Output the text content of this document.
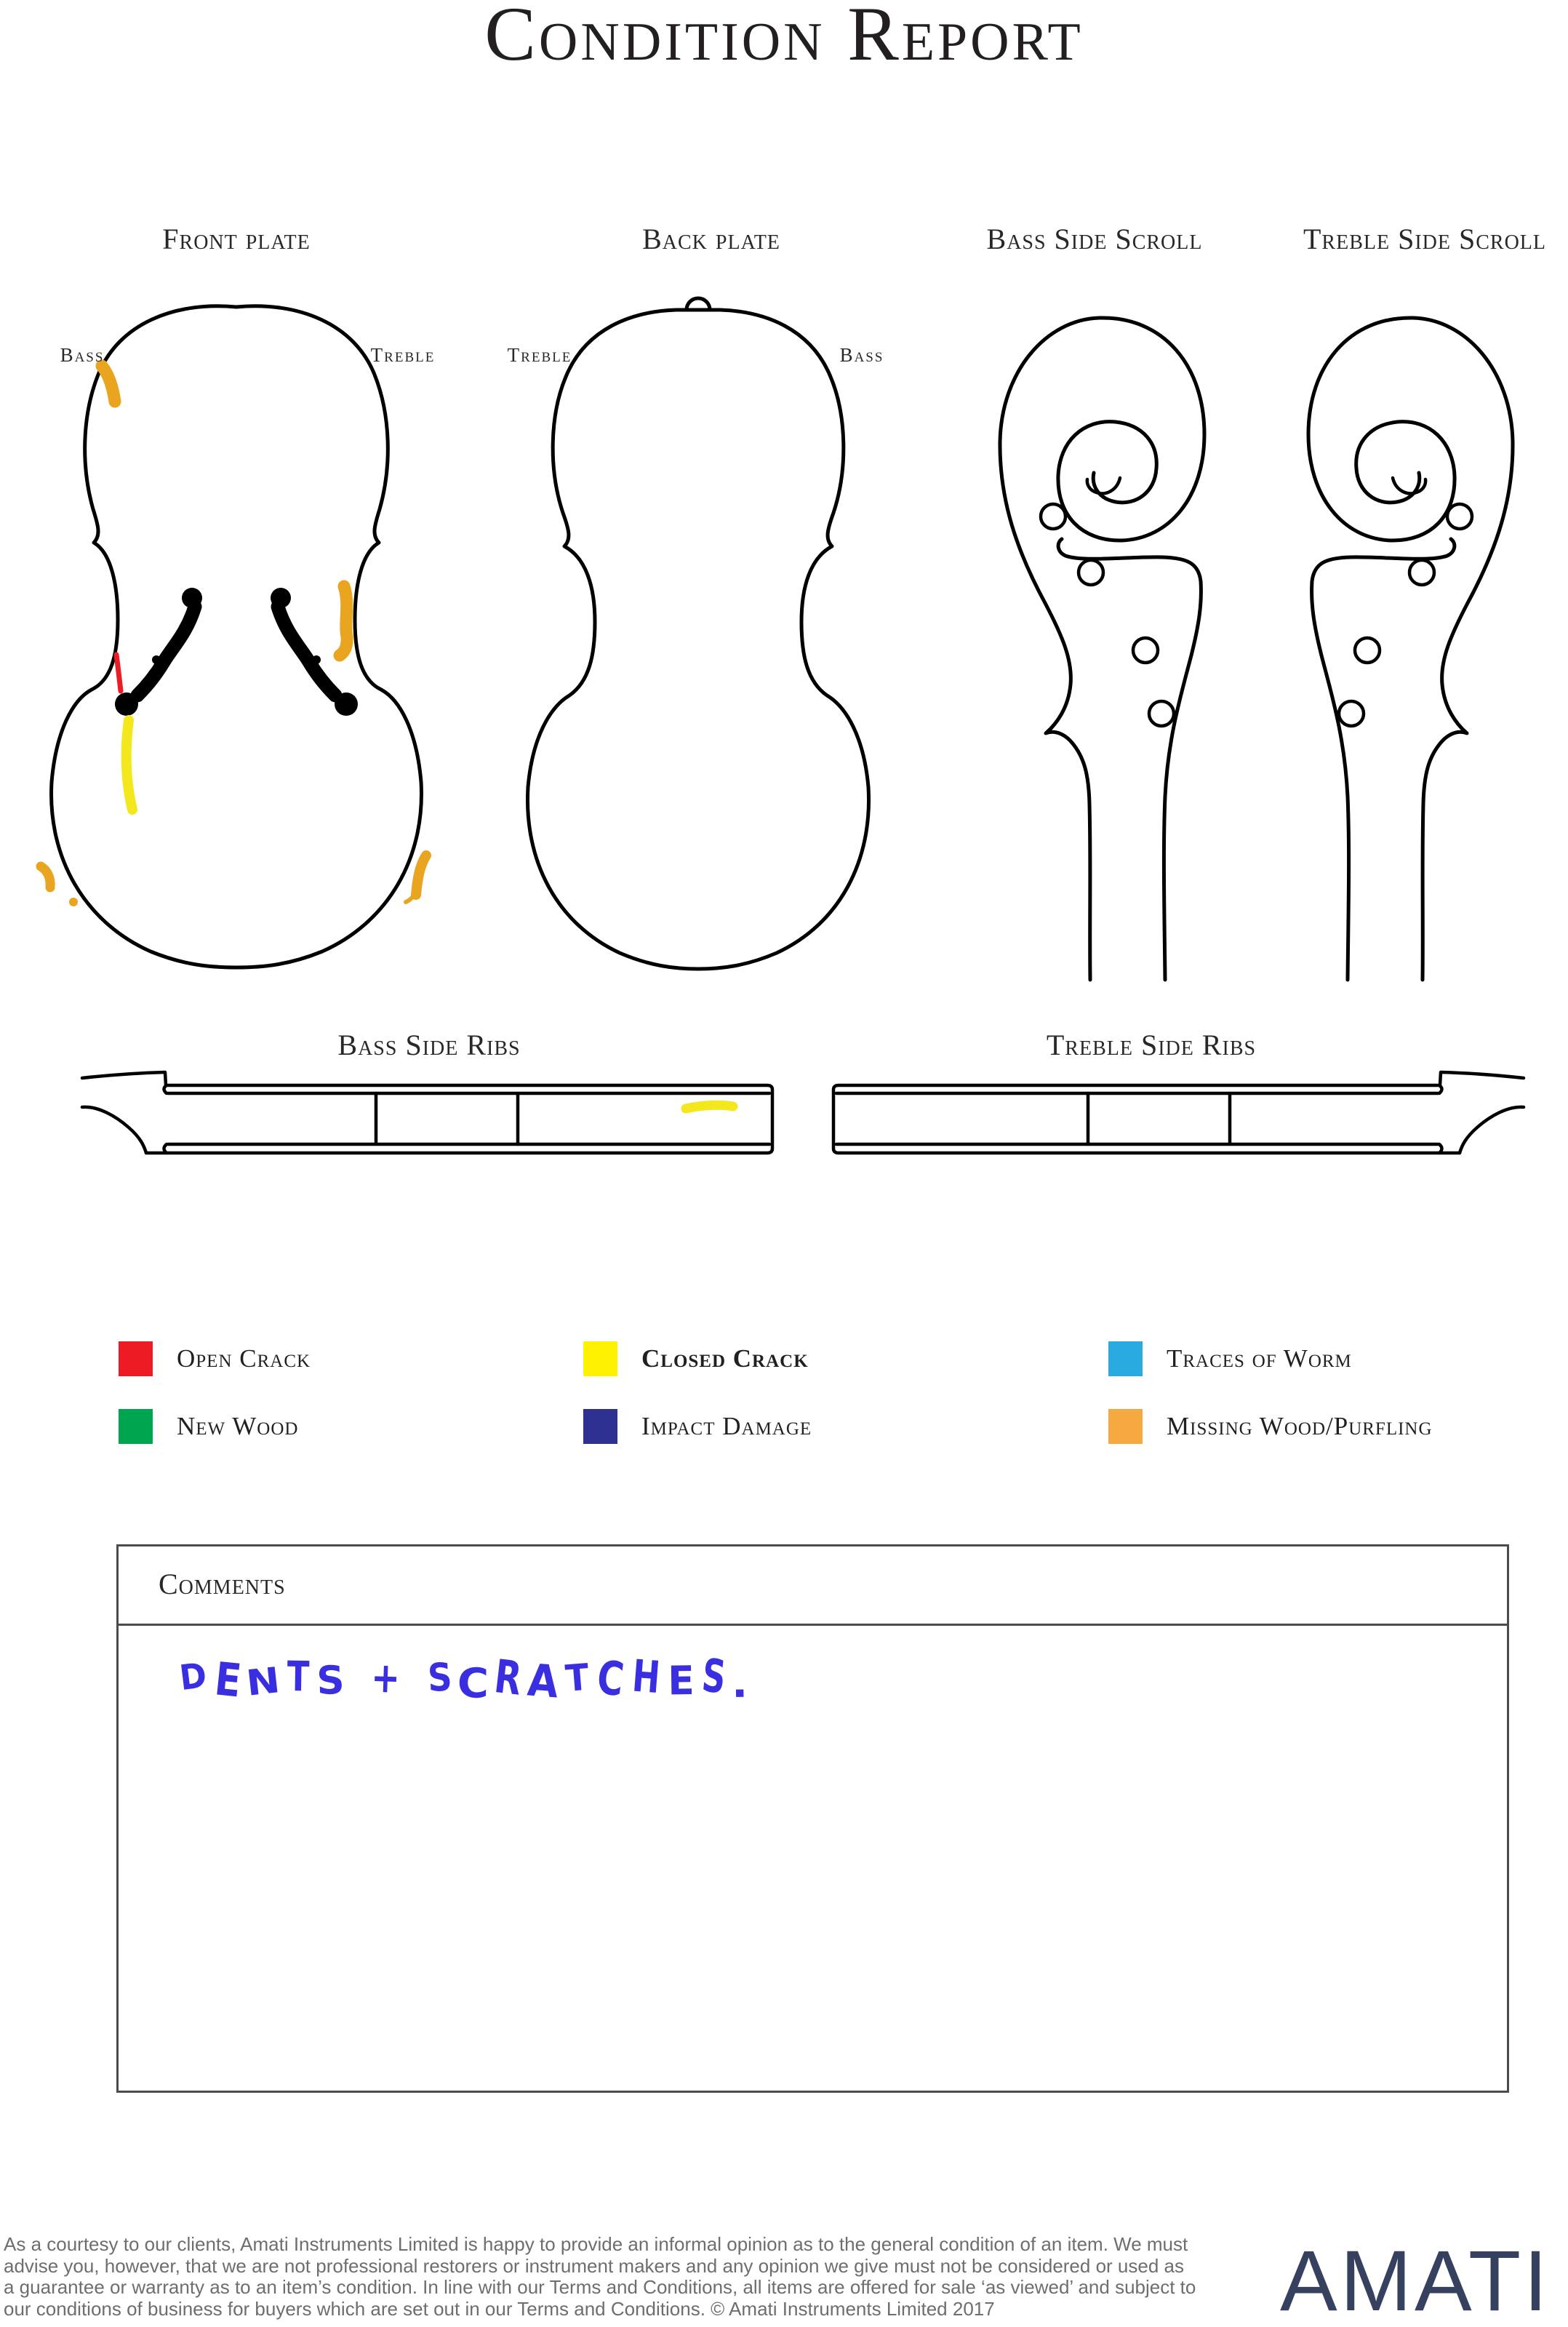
Condition Report
Front plate	Back plate	Bass Side Scroll	Treble Side Scroll
Bass	Treble	Treble	Bass
Bass Side Ribs	Treble Side Ribs
Open Crack	Closed Crack	Traces of Worm
New Wood	Impact Damage	Missing Wood/Purfling
Comments
DENTS + SCRATCHES.
As a courtesy to our clients, Amati Instruments Limited is happy to provide an informal opinion as to the general condition of an item. We must
advise you, however, that we are not professional restorers or instrument makers and any opinion we give must not be considered or used as
a guarantee or warranty as to an item’s condition. In line with our Terms and Conditions, all items are offered for sale ‘as viewed’ and subject to
our conditions of business for buyers which are set out in our Terms and Conditions. © Amati Instruments Limited 2017	AMATI
